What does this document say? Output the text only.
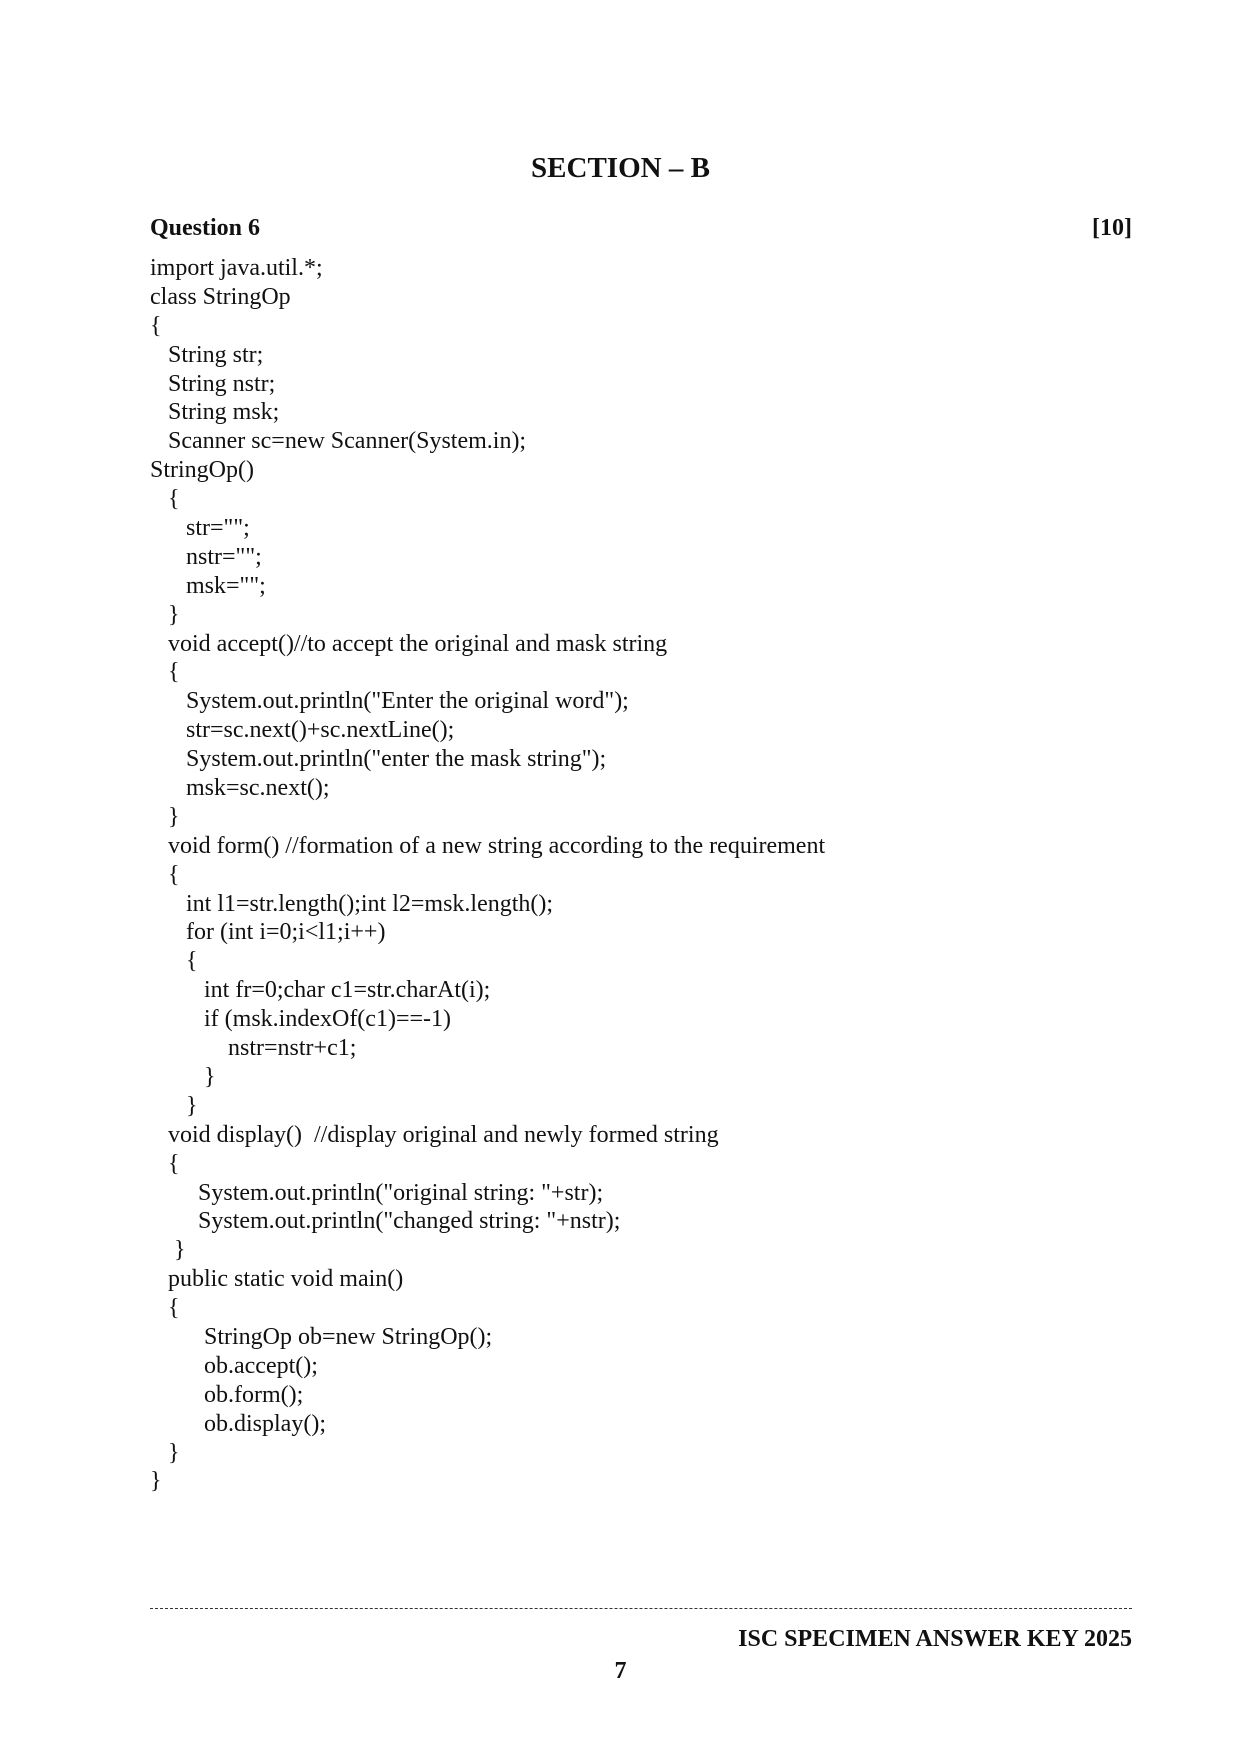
SECTION – B
Question 6	[10]
import java.util.*;
class StringOp
{
String str;
String nstr;
String msk;
Scanner sc=new Scanner(System.in);
StringOp()
{
str="";
nstr="";
msk="";
}
void accept()//to accept the original and mask string
{
System.out.println("Enter the original word");
str=sc.next()+sc.nextLine();
System.out.println("enter the mask string");
msk=sc.next();
}
void form() //formation of a new string according to the requirement
{
int l1=str.length();int l2=msk.length();
for (int i=0;i<l1;i++)
{
int fr=0;char c1=str.charAt(i);
if (msk.indexOf(c1)==-1)
nstr=nstr+c1;
}
}
void display()  //display original and newly formed string
{
System.out.println("original string: "+str);
System.out.println("changed string: "+nstr);
}
public static void main()
{
StringOp ob=new StringOp();
ob.accept();
ob.form();
ob.display();
}
}
ISC SPECIMEN ANSWER KEY 2025
7
